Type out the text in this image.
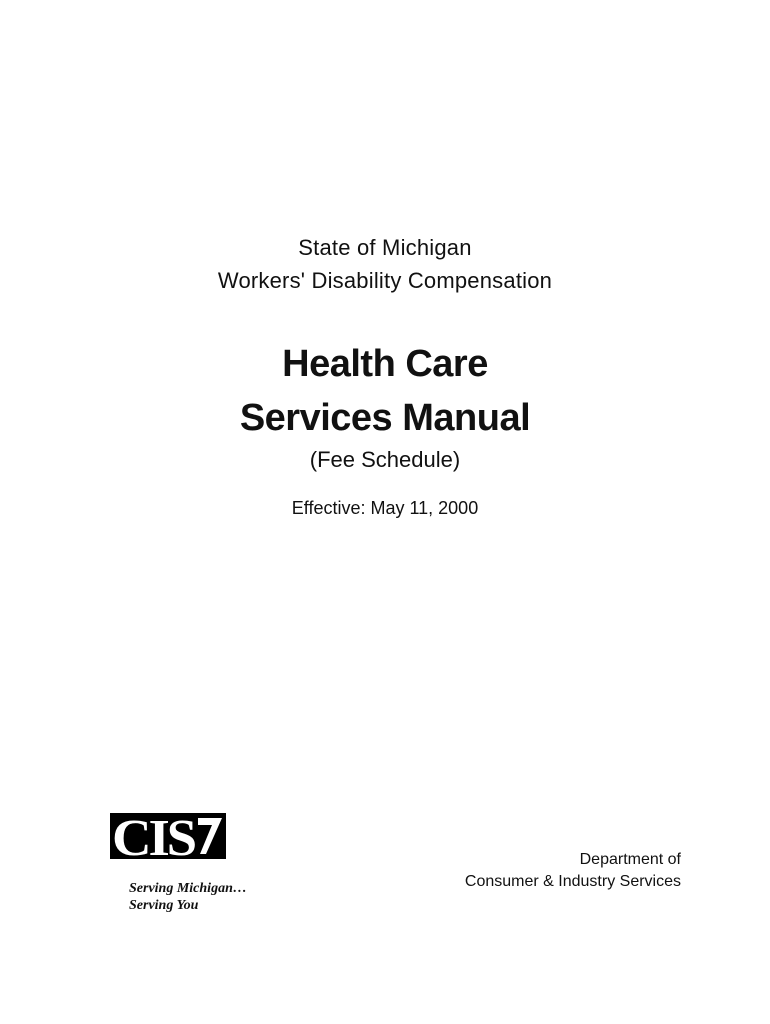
State of Michigan
Workers' Disability Compensation
Health Care
Services Manual
(Fee Schedule)
Effective: May 11, 2000
CIS
Serving Michigan…
Serving You
Department of
Consumer & Industry Services
